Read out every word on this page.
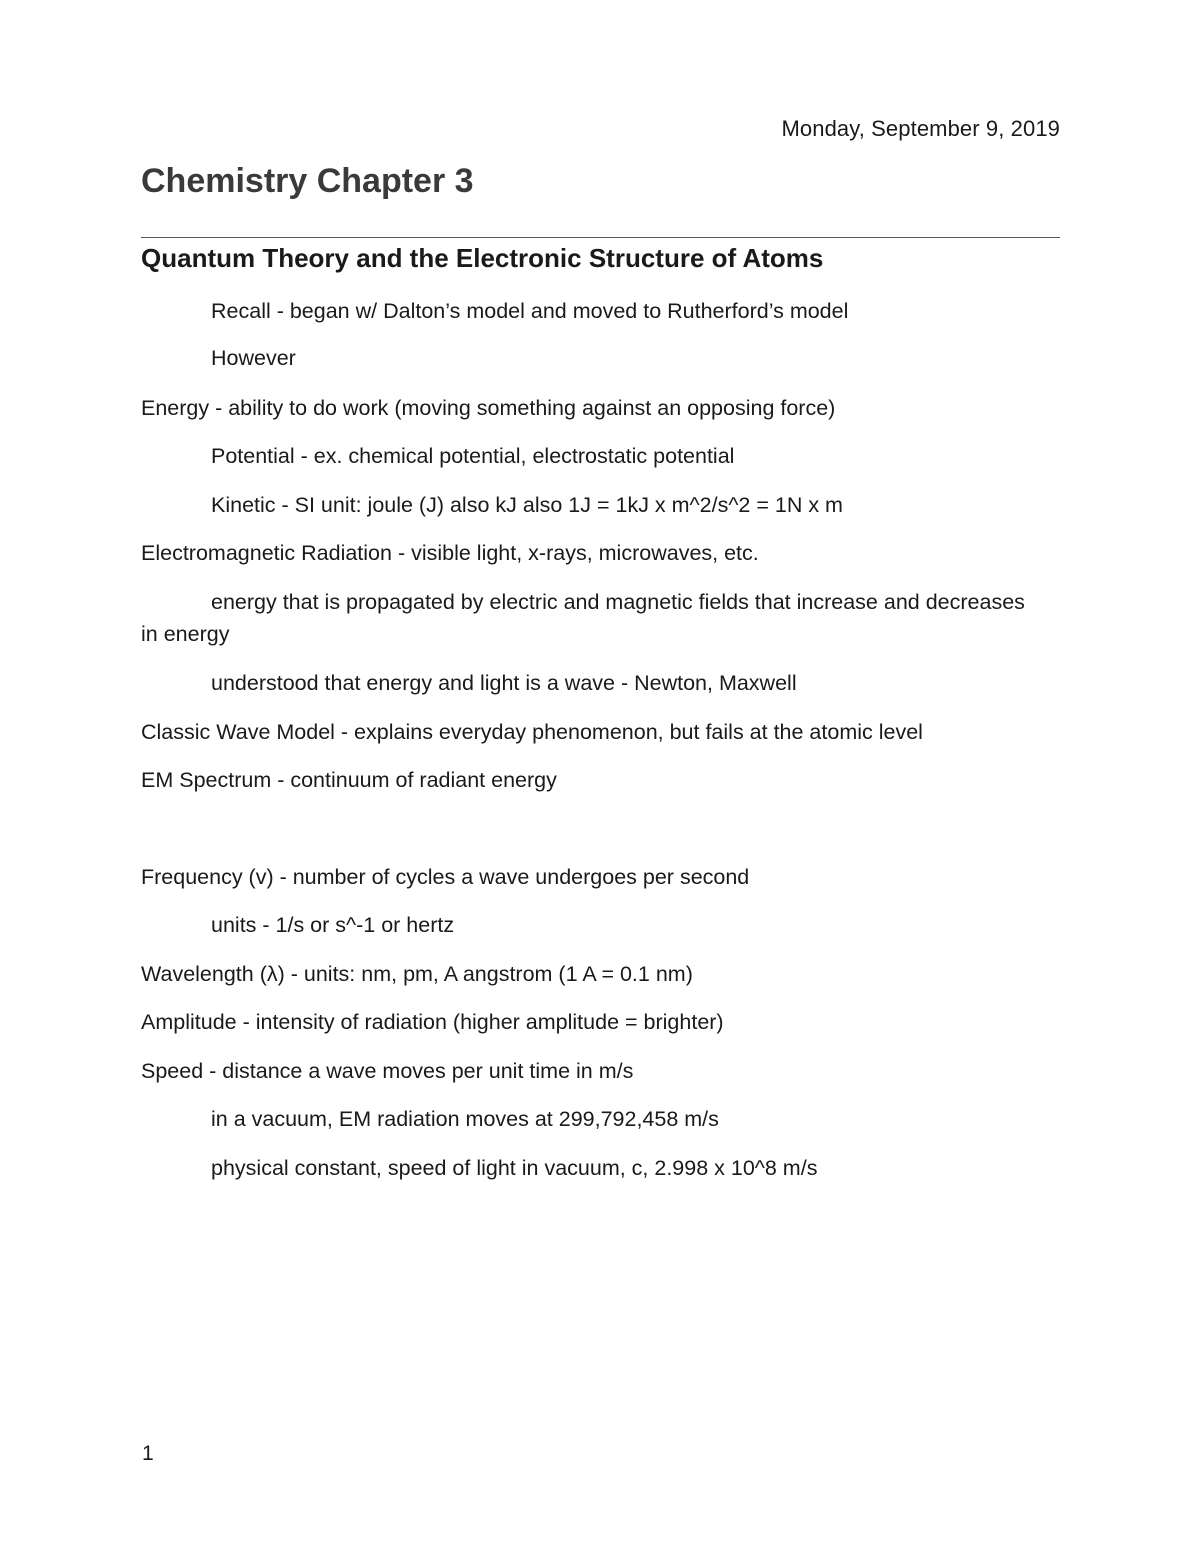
Monday, September 9, 2019
Chemistry Chapter 3
Quantum Theory and the Electronic Structure of Atoms
Recall - began w/ Dalton’s model and moved to Rutherford’s model
However
Energy - ability to do work (moving something against an opposing force)
Potential - ex. chemical potential, electrostatic potential
Kinetic - SI unit: joule (J) also kJ also 1J = 1kJ x m^2/s^2 = 1N x m
Electromagnetic Radiation - visible light, x-rays, microwaves, etc.
energy that is propagated by electric and magnetic fields that increase and decreases in energy
understood that energy and light is a wave - Newton, Maxwell
Classic Wave Model - explains everyday phenomenon, but fails at the atomic level
EM Spectrum - continuum of radiant energy
Frequency (v) - number of cycles a wave undergoes per second
units - 1/s or s^-1 or hertz
Wavelength (λ) - units: nm, pm, A angstrom (1 A = 0.1 nm)
Amplitude - intensity of radiation (higher amplitude = brighter)
Speed - distance a wave moves per unit time in m/s
in a vacuum, EM radiation moves at 299,792,458 m/s
physical constant, speed of light in vacuum, c, 2.998 x 10^8 m/s
1
